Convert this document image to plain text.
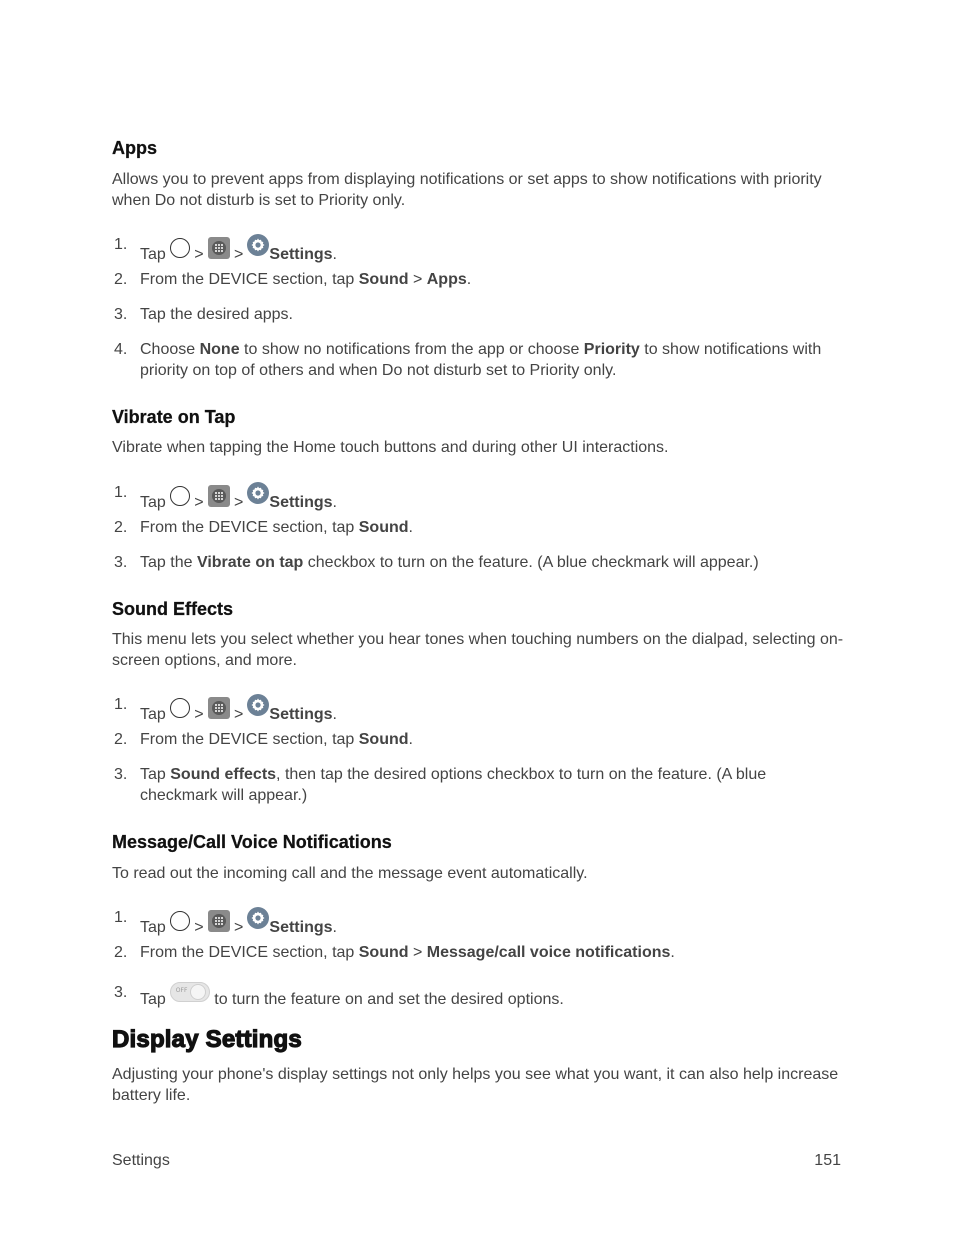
Apps

Allows you to prevent apps from displaying notifications or set apps to show notifications with priority when Do not disturb is set to Priority only.

1.
Tap > > Settings.
2. From the DEVICE section, tap Sound > Apps.
3. Tap the desired apps.
4. Choose None to show no notifications from the app or choose Priority to show notifications with priority on top of others and when Do not disturb set to Priority only.
Vibrate on Tap

Vibrate when tapping the Home touch buttons and during other UI interactions.

1.
Tap > > Settings.
2. From the DEVICE section, tap Sound.
3. Tap the Vibrate on tap checkbox to turn on the feature. (A blue checkmark will appear.)
Sound Effects

This menu lets you select whether you hear tones when touching numbers on the dialpad, selecting on-screen options, and more.

1.
Tap > > Settings.
2. From the DEVICE section, tap Sound.
3. Tap Sound effects, then tap the desired options checkbox to turn on the feature. (A blue checkmark will appear.)
Message/Call Voice Notifications

To read out the incoming call and the message event automatically.

1.
Tap > > Settings.
2. From the DEVICE section, tap Sound > Message/call voice notifications.
3. Tap
OFF
to turn the feature on and set the desired options.
Display Settings

Adjusting your phone's display settings not only helps you see what you want, it can also help increase battery life.

Settings	151
